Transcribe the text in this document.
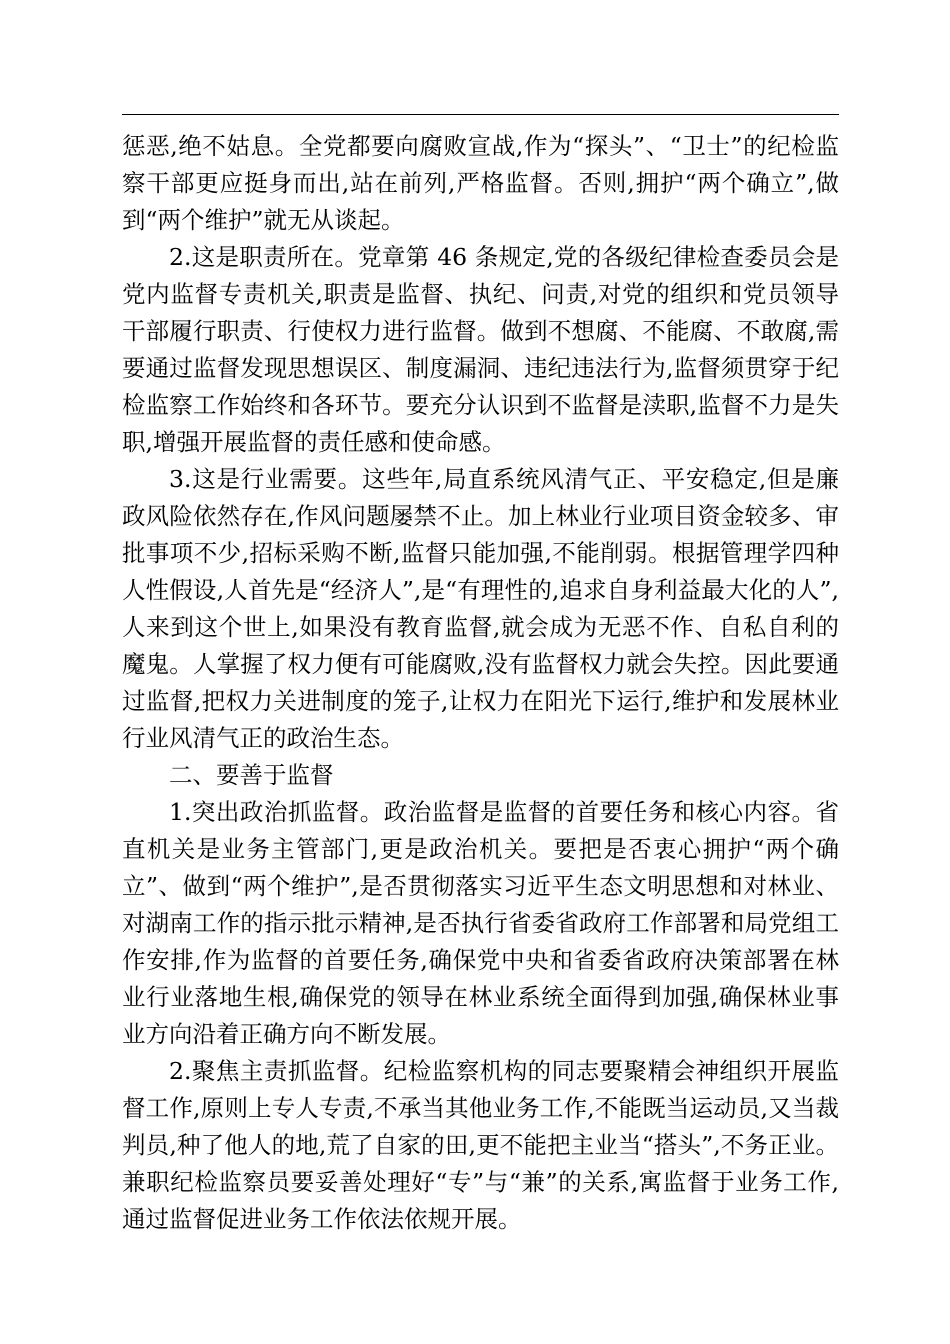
惩恶,绝不姑息。全党都要向腐败宣战,作为“探头”、“卫士”的纪检监察干部更应挺身而出,站在前列,严格监督。否则,拥护“两个确立”,做到“两个维护”就无从谈起。

2.这是职责所在。党章第 46 条规定,党的各级纪律检查委员会是党内监督专责机关,职责是监督、执纪、问责,对党的组织和党员领导干部履行职责、行使权力进行监督。做到不想腐、不能腐、不敢腐,需要通过监督发现思想误区、制度漏洞、违纪违法行为,监督须贯穿于纪检监察工作始终和各环节。要充分认识到不监督是渎职,监督不力是失职,增强开展监督的责任感和使命感。

3.这是行业需要。这些年,局直系统风清气正、平安稳定,但是廉政风险依然存在,作风问题屡禁不止。加上林业行业项目资金较多、审批事项不少,招标采购不断,监督只能加强,不能削弱。根据管理学四种人性假设,人首先是“经济人”,是“有理性的,追求自身利益最大化的人”,人来到这个世上,如果没有教育监督,就会成为无恶不作、自私自利的魔鬼。人掌握了权力便有可能腐败,没有监督权力就会失控。因此要通过监督,把权力关进制度的笼子,让权力在阳光下运行,维护和发展林业行业风清气正的政治生态。

二、要善于监督

1.突出政治抓监督。政治监督是监督的首要任务和核心内容。省直机关是业务主管部门,更是政治机关。要把是否衷心拥护“两个确立”、做到“两个维护”,是否贯彻落实习近平生态文明思想和对林业、对湖南工作的指示批示精神,是否执行省委省政府工作部署和局党组工作安排,作为监督的首要任务,确保党中央和省委省政府决策部署在林业行业落地生根,确保党的领导在林业系统全面得到加强,确保林业事业方向沿着正确方向不断发展。

2.聚焦主责抓监督。纪检监察机构的同志要聚精会神组织开展监督工作,原则上专人专责,不承当其他业务工作,不能既当运动员,又当裁判员,种了他人的地,荒了自家的田,更不能把主业当“搭头”,不务正业。兼职纪检监察员要妥善处理好“专”与“兼”的关系,寓监督于业务工作,通过监督促进业务工作依法依规开展。
